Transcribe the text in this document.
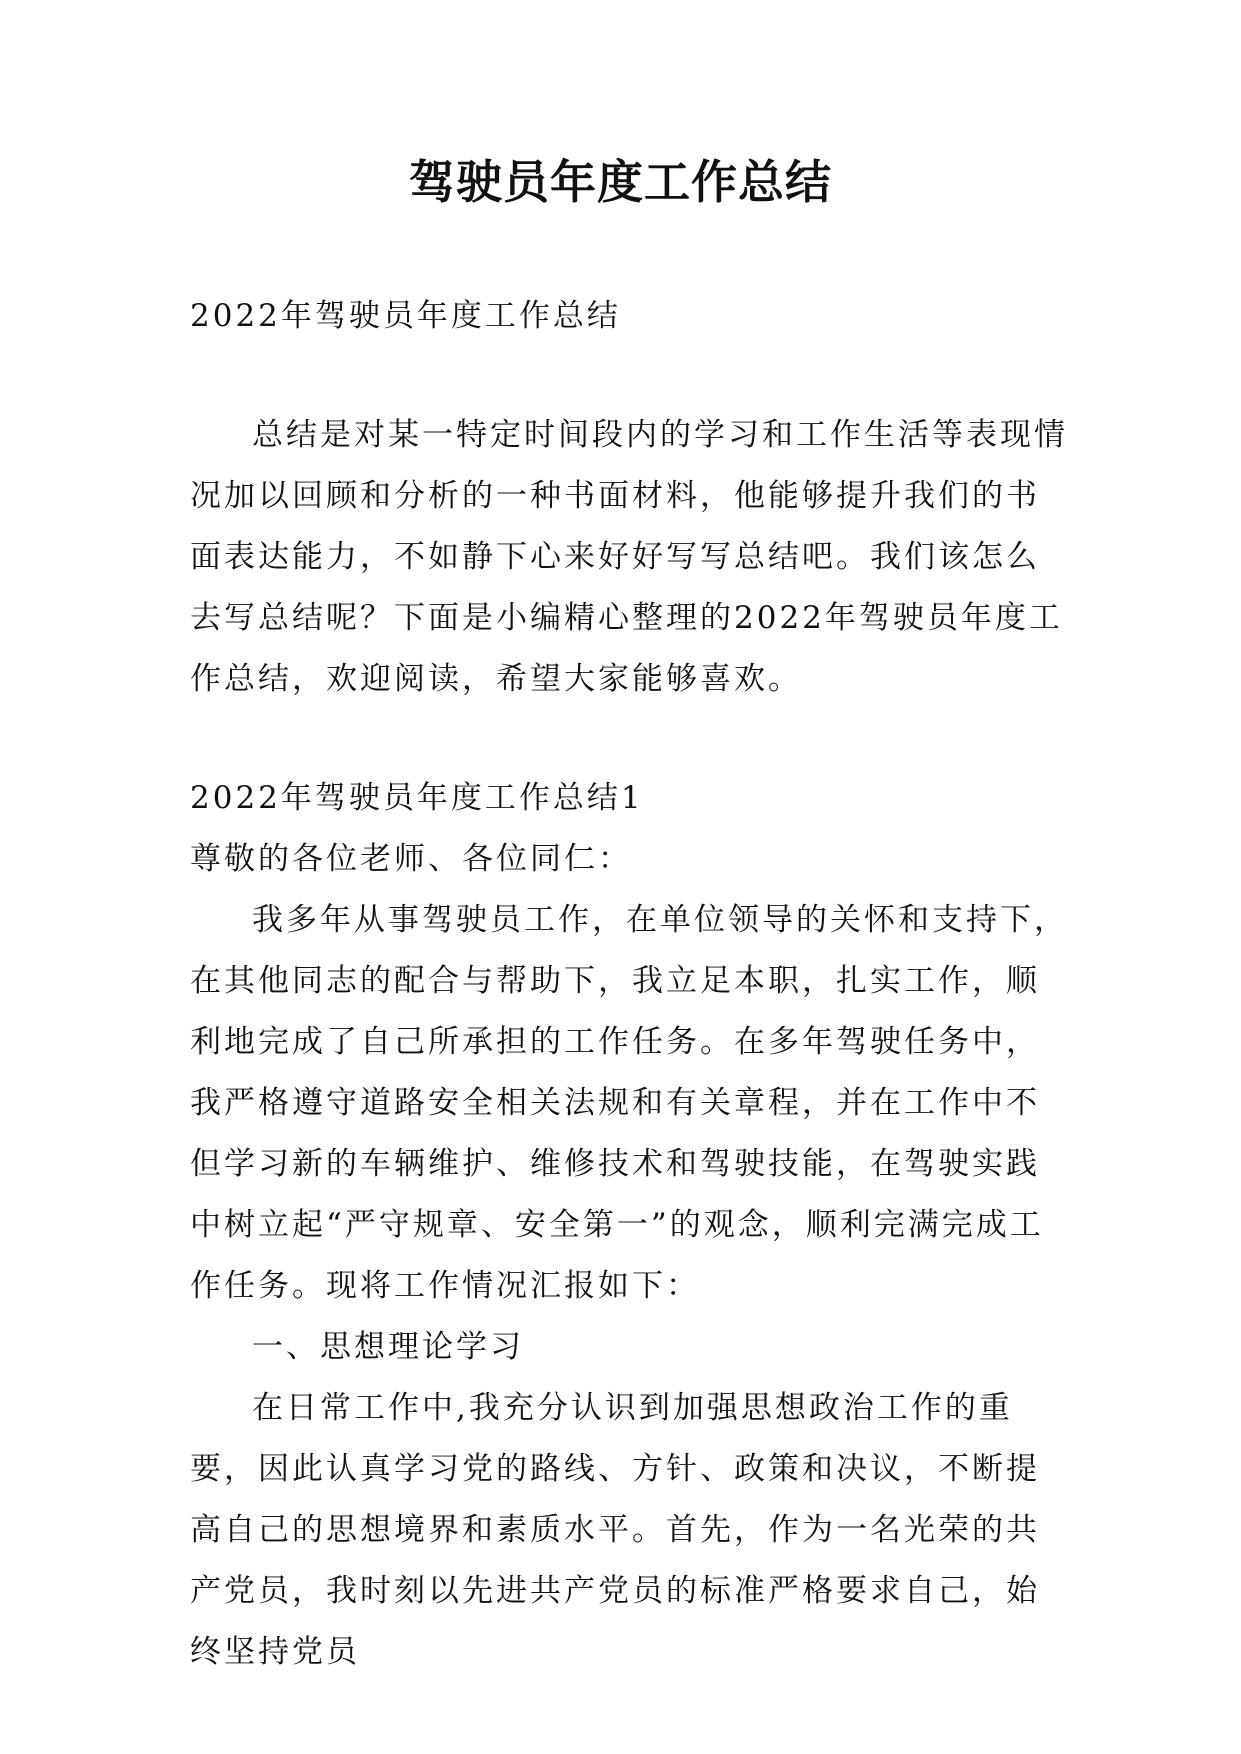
驾驶员年度工作总结

2022年驾驶员年度工作总结

总结是对某一特定时间段内的学习和工作生活等表现情况加以回顾和分析的一种书面材料，他能够提升我们的书面表达能力，不如静下心来好好写写总结吧。我们该怎么去写总结呢？下面是小编精心整理的2022年驾驶员年度工作总结，欢迎阅读，希望大家能够喜欢。

2022年驾驶员年度工作总结1

尊敬的各位老师、各位同仁：

我多年从事驾驶员工作，在单位领导的关怀和支持下，在其他同志的配合与帮助下，我立足本职，扎实工作，顺利地完成了自己所承担的工作任务。在多年驾驶任务中，我严格遵守道路安全相关法规和有关章程，并在工作中不但学习新的车辆维护、维修技术和驾驶技能，在驾驶实践中树立起“严守规章、安全第一”的观念，顺利完满完成工作任务。现将工作情况汇报如下：

一、思想理论学习

在日常工作中,我充分认识到加强思想政治工作的重要，因此认真学习党的路线、方针、政策和决议，不断提高自己的思想境界和素质水平。首先，作为一名光荣的共产党员，我时刻以先进共产党员的标准严格要求自己，始终坚持党员
